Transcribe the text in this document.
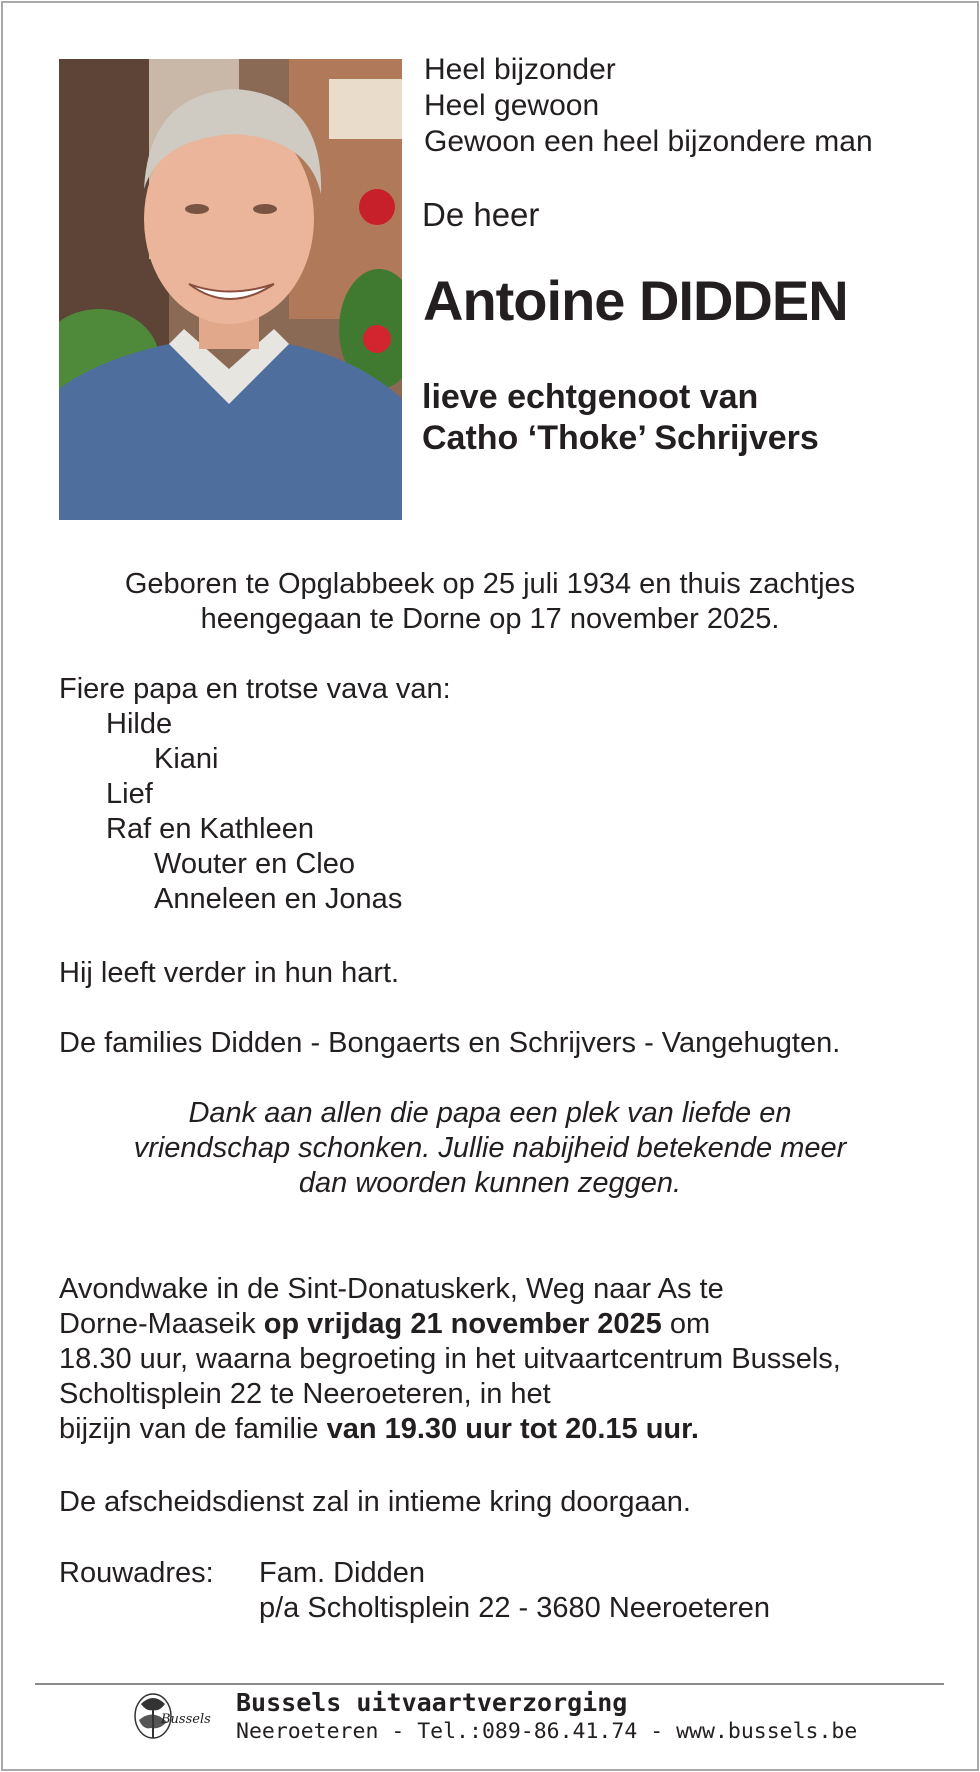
Heel bijzonder
Heel gewoon
Gewoon een heel bijzondere man
De heer
Antoine DIDDEN
lieve echtgenoot van
Catho ‘Thoke’ Schrijvers
Geboren te Opglabbeek op 25 juli 1934 en thuis zachtjes
heengegaan te Dorne op 17 november 2025.
Fiere papa en trotse vava van:
Hilde
Kiani
Lief
Raf en Kathleen
Wouter en Cleo
Anneleen en Jonas
Hij leeft verder in hun hart.
De families Didden - Bongaerts en Schrijvers - Vangehugten.
Dank aan allen die papa een plek van liefde en
vriendschap schonken. Jullie nabijheid betekende meer
dan woorden kunnen zeggen.
Avondwake in de Sint-Donatuskerk, Weg naar As te
Dorne-Maaseik op vrijdag 21 november 2025 om
18.30 uur, waarna begroeting in het uitvaartcentrum Bussels,
Scholtisplein 22 te Neeroeteren, in het
bijzijn van de familie van 19.30 uur tot 20.15 uur.
De afscheidsdienst zal in intieme kring doorgaan.
Rouwadres: Fam. Didden
p/a Scholtisplein 22 - 3680 Neeroeteren
Bussels
Bussels uitvaartverzorging
Neeroeteren - Tel.:089-86.41.74 - www.bussels.be
